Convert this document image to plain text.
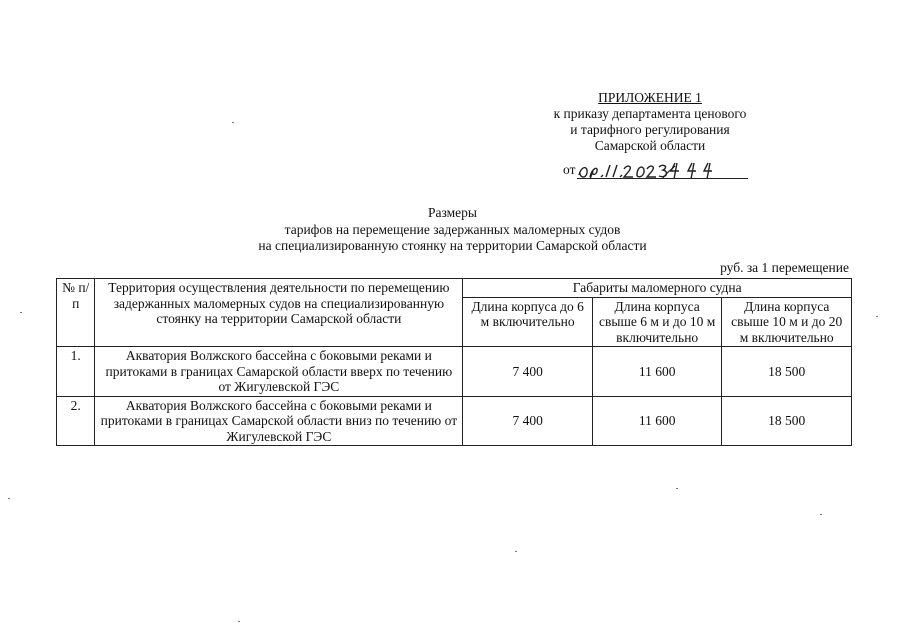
ПРИЛОЖЕНИЕ 1
к приказу департамента ценового
и тарифного регулирования
Самарской области
от
Размеры
тарифов на перемещение задержанных маломерных судов
на специализированную стоянку на территории Самарской области
руб. за 1 перемещение
№ п/п	Территория осуществления деятельности по перемещению задержанных маломерных судов на специализированную стоянку на территории Самарской области	Габариты маломерного судна		
		Длина корпуса до 6 м включительно	Длина корпуса свыше 6 м и до 10 м включительно	Длина корпуса свыше 10 м и до 20 м включительно
1.	Акватория Волжского бассейна с боковыми реками и притоками в границах Самарской области вверх по течению от Жигулевской ГЭС	7 400	11 600	18 500
2.	Акватория Волжского бассейна с боковыми реками и притоками в границах Самарской области вниз по течению от Жигулевской ГЭС	7 400	11 600	18 500
